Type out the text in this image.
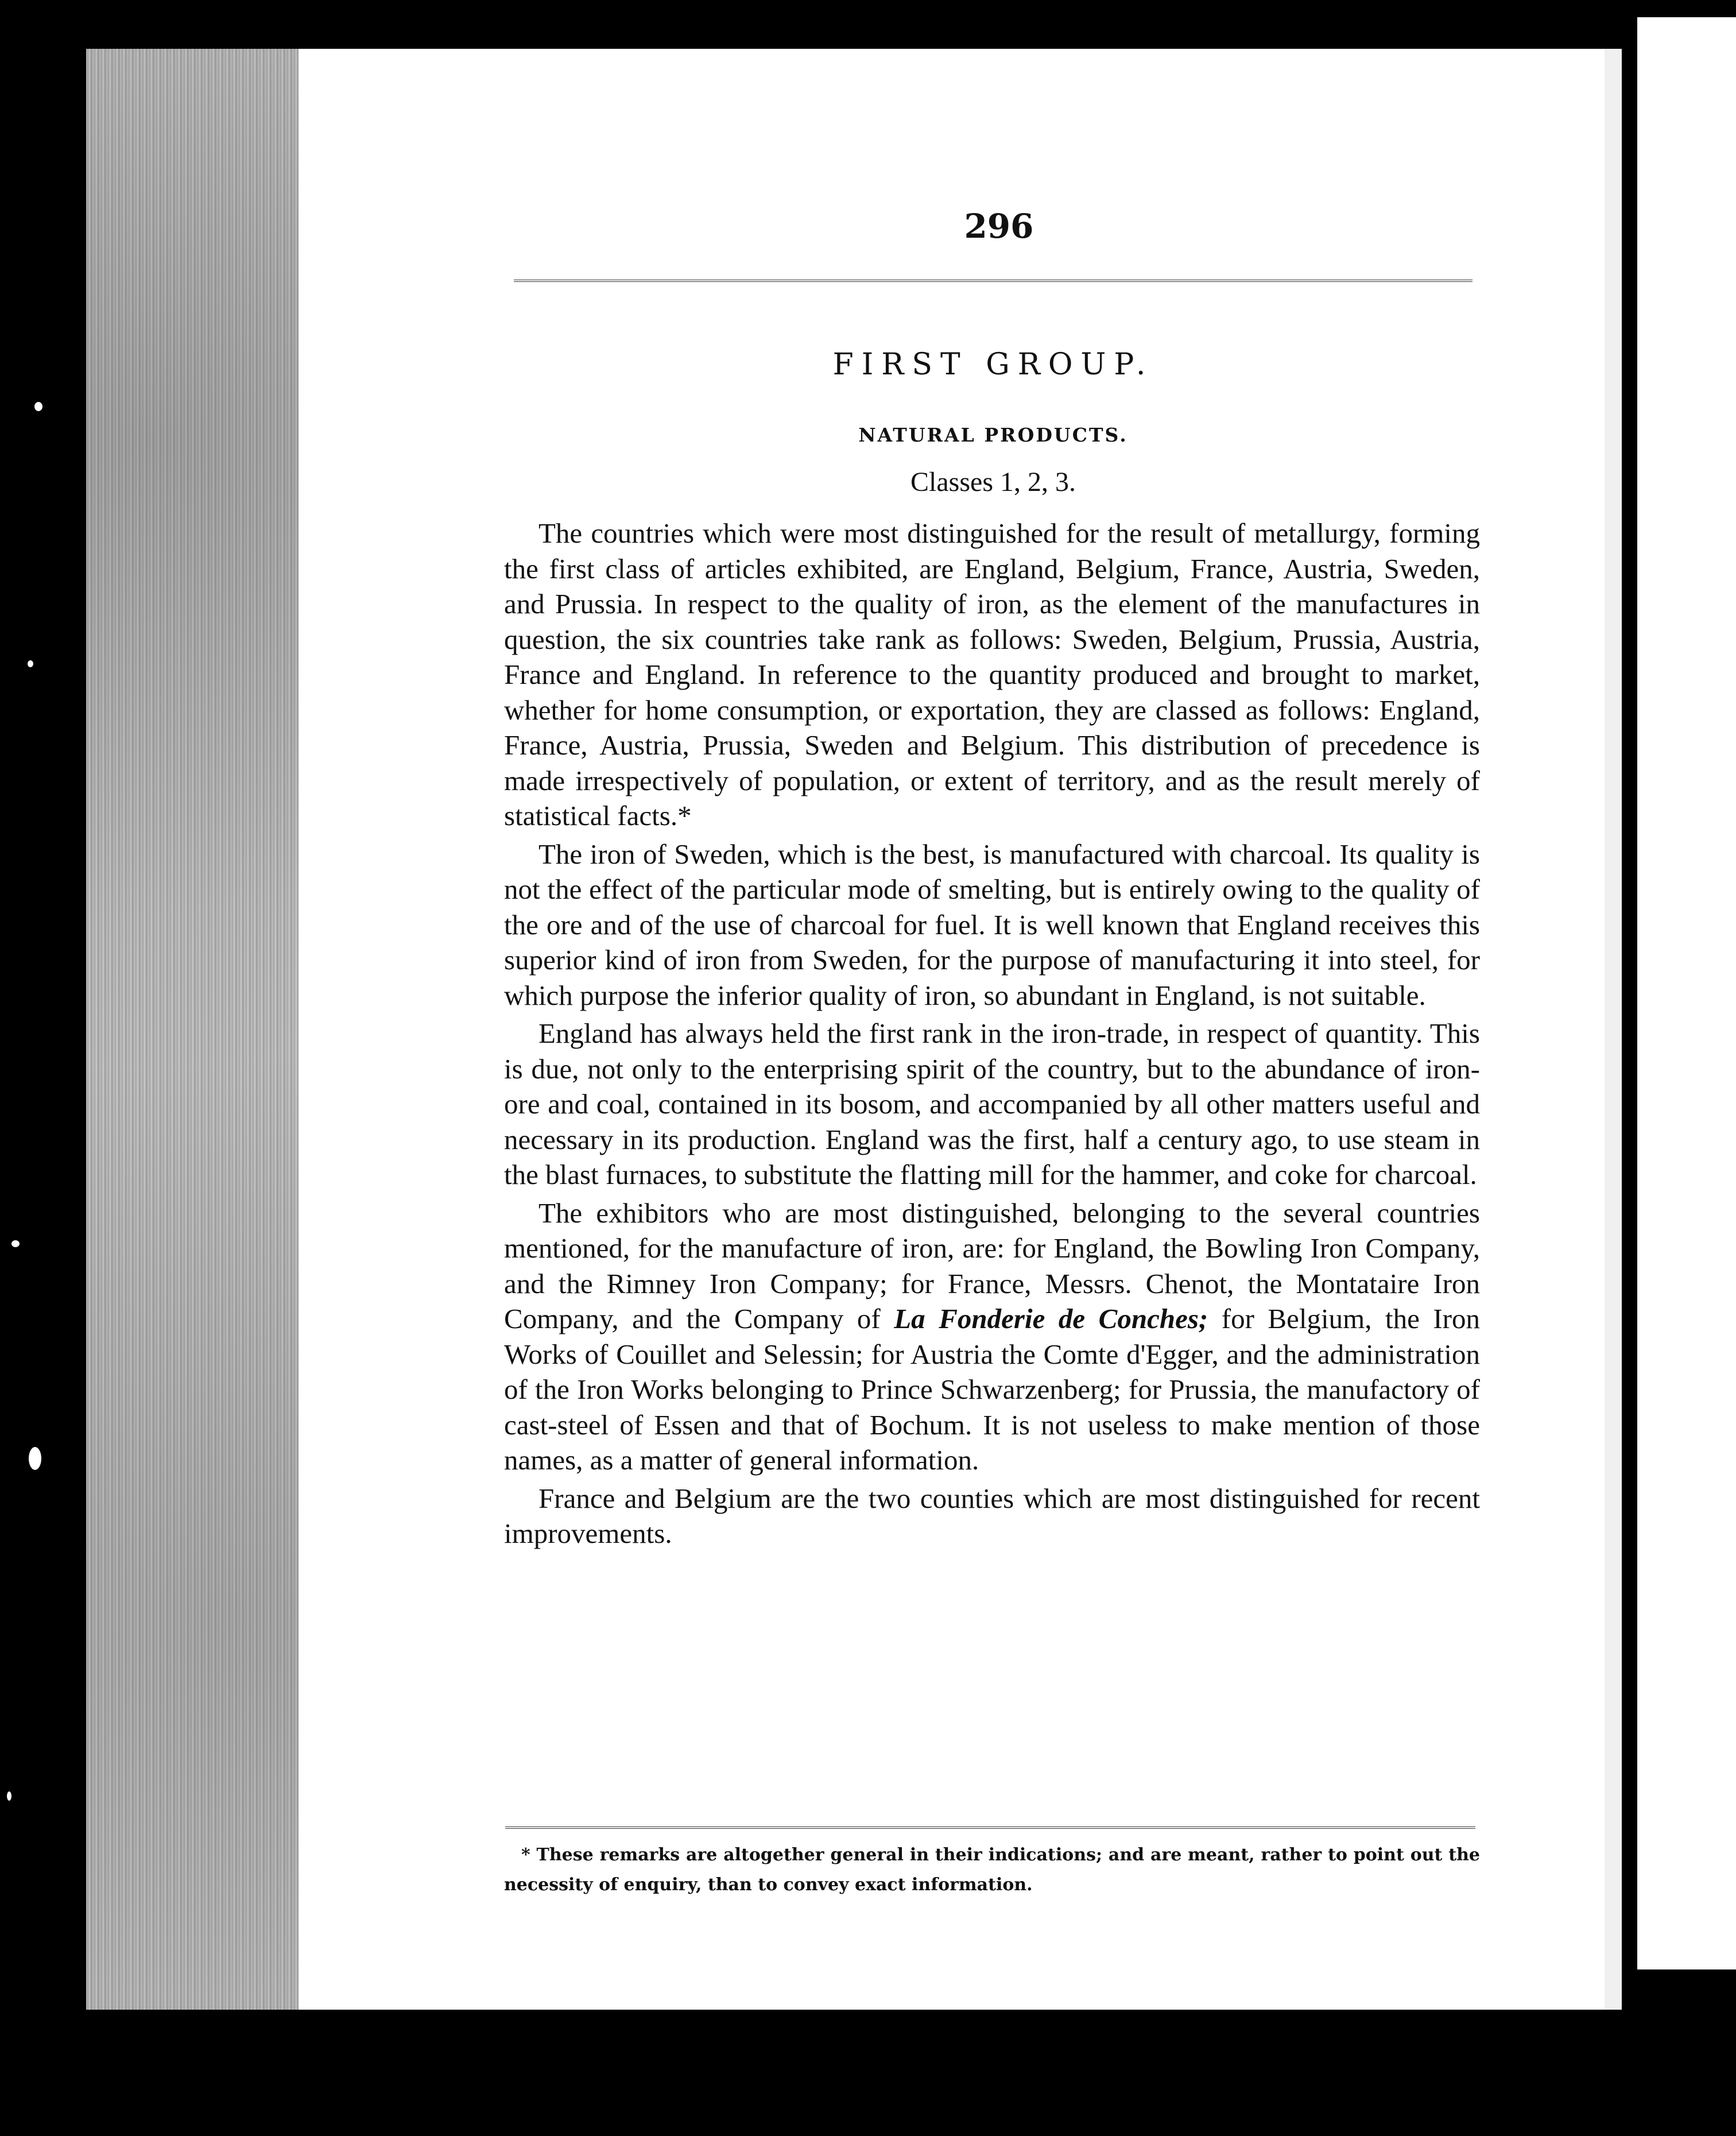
296
FIRST GROUP.
NATURAL PRODUCTS.
Classes 1, 2, 3.

The countries which were most distinguished for the result of metallurgy, forming the first class of articles exhibited, are England, Belgium, France, Austria, Sweden, and Prussia. In respect to the quality of iron, as the element of the manufactures in question, the six countries take rank as follows: Sweden, Belgium, Prussia, Austria, France and England. In reference to the quantity produced and brought to market, whether for home consumption, or exportation, they are classed as follows: England, France, Austria, Prussia, Sweden and Belgium. This distribution of precedence is made irrespectively of population, or extent of territory, and as the result merely of statistical facts.*

The iron of Sweden, which is the best, is manufactured with charcoal. Its quality is not the effect of the particular mode of smelting, but is entirely owing to the quality of the ore and of the use of charcoal for fuel. It is well known that England receives this superior kind of iron from Sweden, for the purpose of manufacturing it into steel, for which purpose the inferior quality of iron, so abundant in England, is not suitable.

England has always held the first rank in the iron-trade, in respect of quantity. This is due, not only to the enterprising spirit of the country, but to the abundance of iron-ore and coal, contained in its bosom, and accompanied by all other matters useful and necessary in its production. England was the first, half a century ago, to use steam in the blast furnaces, to substitute the flatting mill for the hammer, and coke for charcoal.

The exhibitors who are most distinguished, belonging to the several countries mentioned, for the manufacture of iron, are: for England, the Bowling Iron Company, and the Rimney Iron Company; for France, Messrs. Chenot, the Montataire Iron Company, and the Company of La Fonderie de Conches; for Belgium, the Iron Works of Couillet and Selessin; for Austria the Comte d'Egger, and the administration of the Iron Works belonging to Prince Schwarzenberg; for Prussia, the manufactory of cast-steel of Essen and that of Bochum. It is not useless to make mention of those names, as a matter of general information.

France and Belgium are the two counties which are most distinguished for recent improvements.

* These remarks are altogether general in their indications; and are meant, rather to point out the necessity of enquiry, than to convey exact information.
